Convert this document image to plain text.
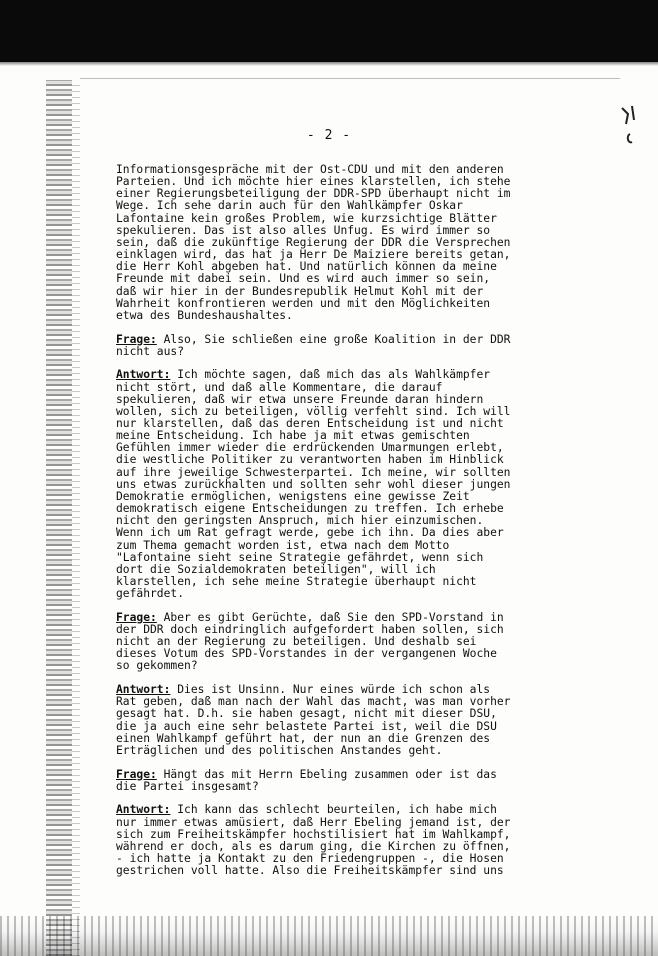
- 2 -
Informationsgespräche mit der Ost-CDU und mit den anderen
Parteien. Und ich möchte hier eines klarstellen, ich stehe
einer Regierungsbeteiligung der DDR-SPD überhaupt nicht im
Wege. Ich sehe darin auch für den Wahlkämpfer Oskar
Lafontaine kein großes Problem, wie kurzsichtige Blätter
spekulieren. Das ist also alles Unfug. Es wird immer so
sein, daß die zukünftige Regierung der DDR die Versprechen
einklagen wird, das hat ja Herr De Maiziere bereits getan,
die Herr Kohl abgeben hat. Und natürlich können da meine
Freunde mit dabei sein. Und es wird auch immer so sein,
daß wir hier in der Bundesrepublik Helmut Kohl mit der
Wahrheit konfrontieren werden und mit den Möglichkeiten
etwa des Bundeshaushaltes.
Frage: Also, Sie schließen eine große Koalition in der DDR
nicht aus?
Antwort: Ich möchte sagen, daß mich das als Wahlkämpfer
nicht stört, und daß alle Kommentare, die darauf
spekulieren, daß wir etwa unsere Freunde daran hindern
wollen, sich zu beteiligen, völlig verfehlt sind. Ich will
nur klarstellen, daß das deren Entscheidung ist und nicht
meine Entscheidung. Ich habe ja mit etwas gemischten
Gefühlen immer wieder die erdrückenden Umarmungen erlebt,
die westliche Politiker zu verantworten haben im Hinblick
auf ihre jeweilige Schwesterpartei. Ich meine, wir sollten
uns etwas zurückhalten und sollten sehr wohl dieser jungen
Demokratie ermöglichen, wenigstens eine gewisse Zeit
demokratisch eigene Entscheidungen zu treffen. Ich erhebe
nicht den geringsten Anspruch, mich hier einzumischen.
Wenn ich um Rat gefragt werde, gebe ich ihn. Da dies aber
zum Thema gemacht worden ist, etwa nach dem Motto
"Lafontaine sieht seine Strategie gefährdet, wenn sich
dort die Sozialdemokraten beteiligen", will ich
klarstellen, ich sehe meine Strategie überhaupt nicht
gefährdet.
Frage: Aber es gibt Gerüchte, daß Sie den SPD-Vorstand in
der DDR doch eindringlich aufgefordert haben sollen, sich
nicht an der Regierung zu beteiligen. Und deshalb sei
dieses Votum des SPD-Vorstandes in der vergangenen Woche
so gekommen?
Antwort: Dies ist Unsinn. Nur eines würde ich schon als
Rat geben, daß man nach der Wahl das macht, was man vorher
gesagt hat. D.h. sie haben gesagt, nicht mit dieser DSU,
die ja auch eine sehr belastete Partei ist, weil die DSU
einen Wahlkampf geführt hat, der nun an die Grenzen des
Erträglichen und des politischen Anstandes geht.
Frage: Hängt das mit Herrn Ebeling zusammen oder ist das
die Partei insgesamt?
Antwort: Ich kann das schlecht beurteilen, ich habe mich
nur immer etwas amüsiert, daß Herr Ebeling jemand ist, der
sich zum Freiheitskämpfer hochstilisiert hat im Wahlkampf,
während er doch, als es darum ging, die Kirchen zu öffnen,
- ich hatte ja Kontakt zu den Friedengruppen -, die Hosen
gestrichen voll hatte. Also die Freiheitskämpfer sind uns
